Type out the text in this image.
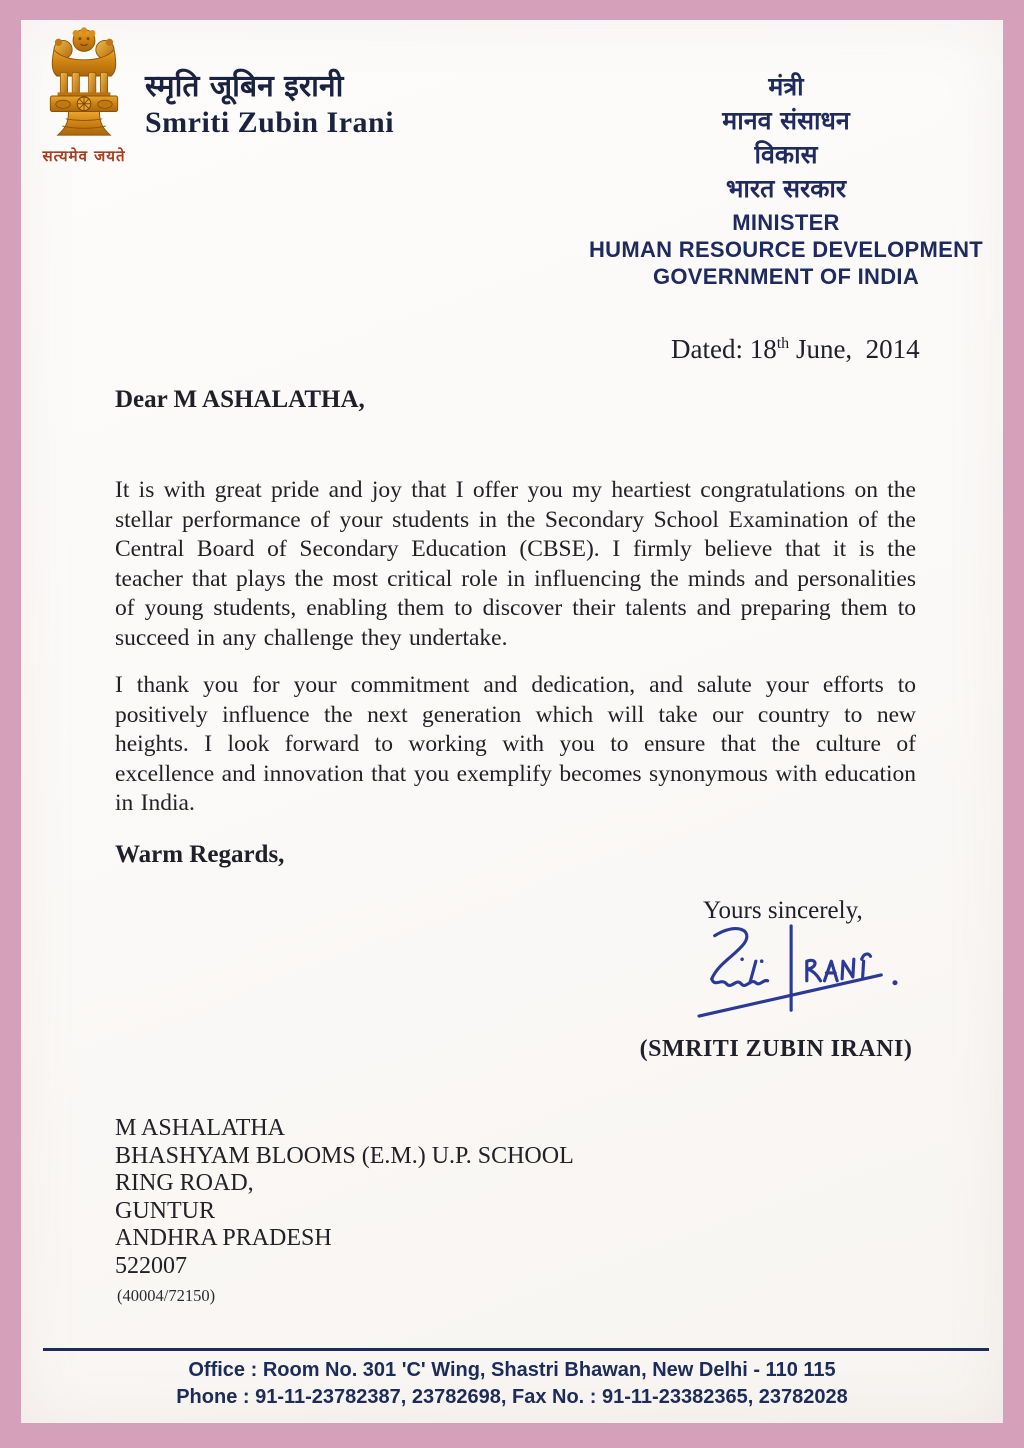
सत्यमेव जयते
स्मृति जूबिन इरानी
Smriti Zubin Irani
मंत्री
मानव संसाधन
विकास
भारत सरकार
MINISTER
HUMAN RESOURCE DEVELOPMENT
GOVERNMENT OF INDIA
Dated: 18th June,  2014
Dear M ASHALATHA,

It is with great pride and joy that I offer you my heartiest congratulations on the stellar performance of your students in the Secondary School Examination of the Central Board of Secondary Education (CBSE). I firmly believe that it is the teacher that plays the most critical role in influencing the minds and personalities of young students, enabling them to discover their talents and preparing them to succeed in any challenge they undertake.

I thank you for your commitment and dedication, and salute your efforts to positively influence the next generation which will take our country to new heights. I look forward to working with you to ensure that the culture of excellence and innovation that you exemplify becomes synonymous with education in India.

Warm Regards,
Yours sincerely,
(SMRITI ZUBIN IRANI)
M ASHALATHA
BHASHYAM BLOOMS (E.M.) U.P. SCHOOL
RING ROAD,
GUNTUR
ANDHRA PRADESH
522007
(40004/72150)
Office : Room No. 301 'C' Wing, Shastri Bhawan, New Delhi - 110 115
Phone : 91-11-23782387, 23782698, Fax No. : 91-11-23382365, 23782028
